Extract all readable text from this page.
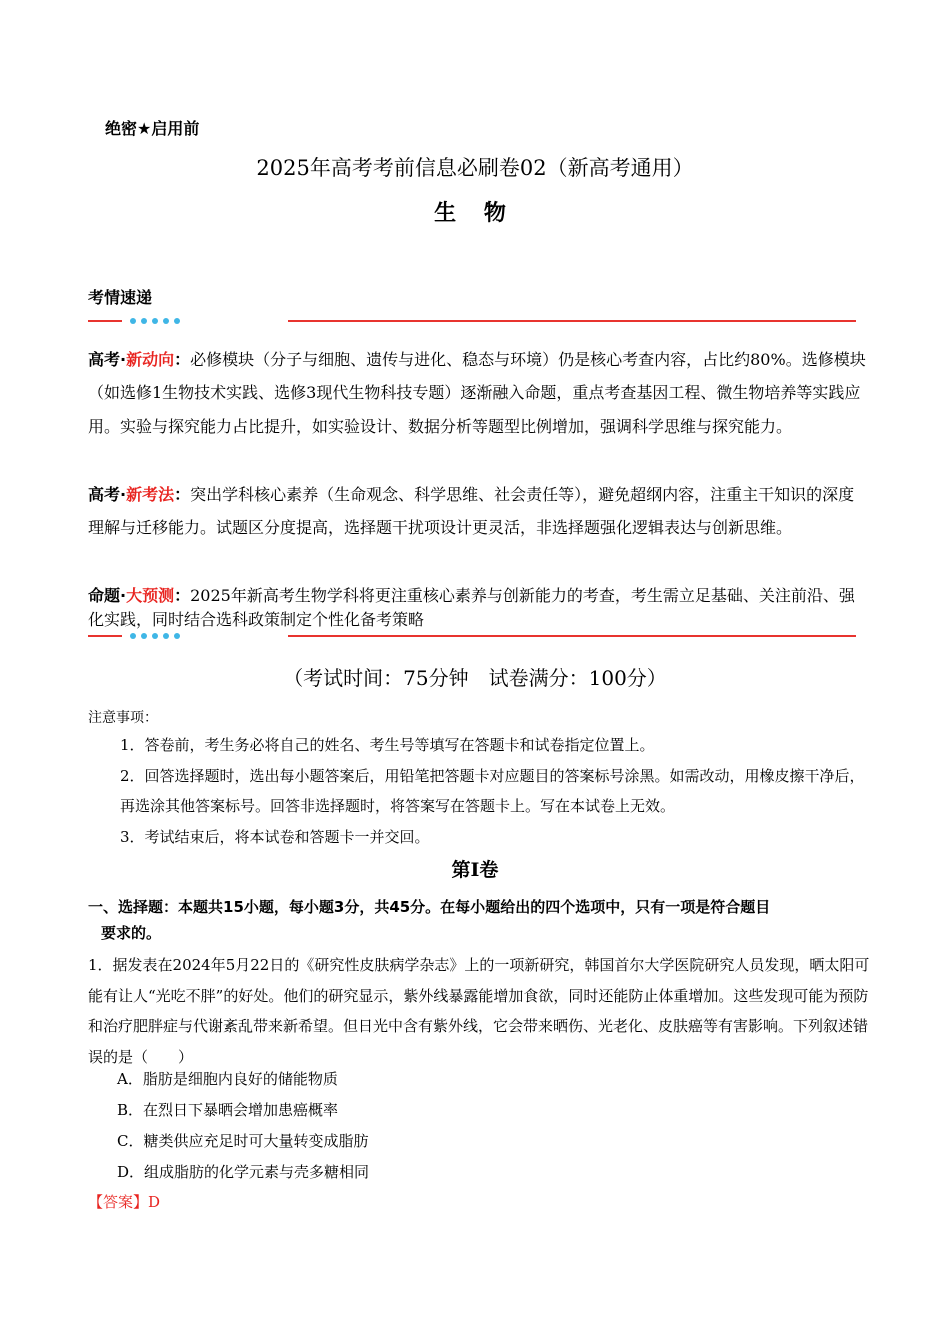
绝密★启用前
2025年高考考前信息必刷卷02（新高考通用）
生 物
考情速递
高考·新动向：必修模块（分子与细胞、遗传与进化、稳态与环境）仍是核心考查内容，占比约80%。选修模块（如选修1生物技术实践、选修3现代生物科技专题）逐渐融入命题，重点考查基因工程、微生物培养等实践应用。实验与探究能力占比提升，如实验设计、数据分析等题型比例增加，强调科学思维与探究能力。
高考·新考法：突出学科核心素养（生命观念、科学思维、社会责任等），避免超纲内容，注重主干知识的深度理解与迁移能力。试题区分度提高，选择题干扰项设计更灵活，非选择题强化逻辑表达与创新思维。
命题·大预测：2025年新高考生物学科将更注重核心素养与创新能力的考查，考生需立足基础、关注前沿、强化实践，同时结合选科政策制定个性化备考策略
（考试时间：75分钟　试卷满分：100分）
注意事项：
1．答卷前，考生务必将自己的姓名、考生号等填写在答题卡和试卷指定位置上。
2．回答选择题时，选出每小题答案后，用铅笔把答题卡对应题目的答案标号涂黑。如需改动，用橡皮擦干净后，再选涂其他答案标号。回答非选择题时，将答案写在答题卡上。写在本试卷上无效。
3．考试结束后，将本试卷和答题卡一并交回。
第Ⅰ卷
一、选择题：本题共15小题，每小题3分，共45分。在每小题给出的四个选项中，只有一项是符合题目
要求的。
1．据发表在2024年5月22日的《研究性皮肤病学杂志》上的一项新研究，韩国首尔大学医院研究人员发现，晒太阳可能有让人“光吃不胖”的好处。他们的研究显示，紫外线暴露能增加食欲，同时还能防止体重增加。这些发现可能为预防和治疗肥胖症与代谢紊乱带来新希望。但日光中含有紫外线，它会带来晒伤、光老化、皮肤癌等有害影响。下列叙述错误的是（　　）
A．脂肪是细胞内良好的储能物质
B．在烈日下暴晒会增加患癌概率
C．糖类供应充足时可大量转变成脂肪
D．组成脂肪的化学元素与壳多糖相同
【答案】D
